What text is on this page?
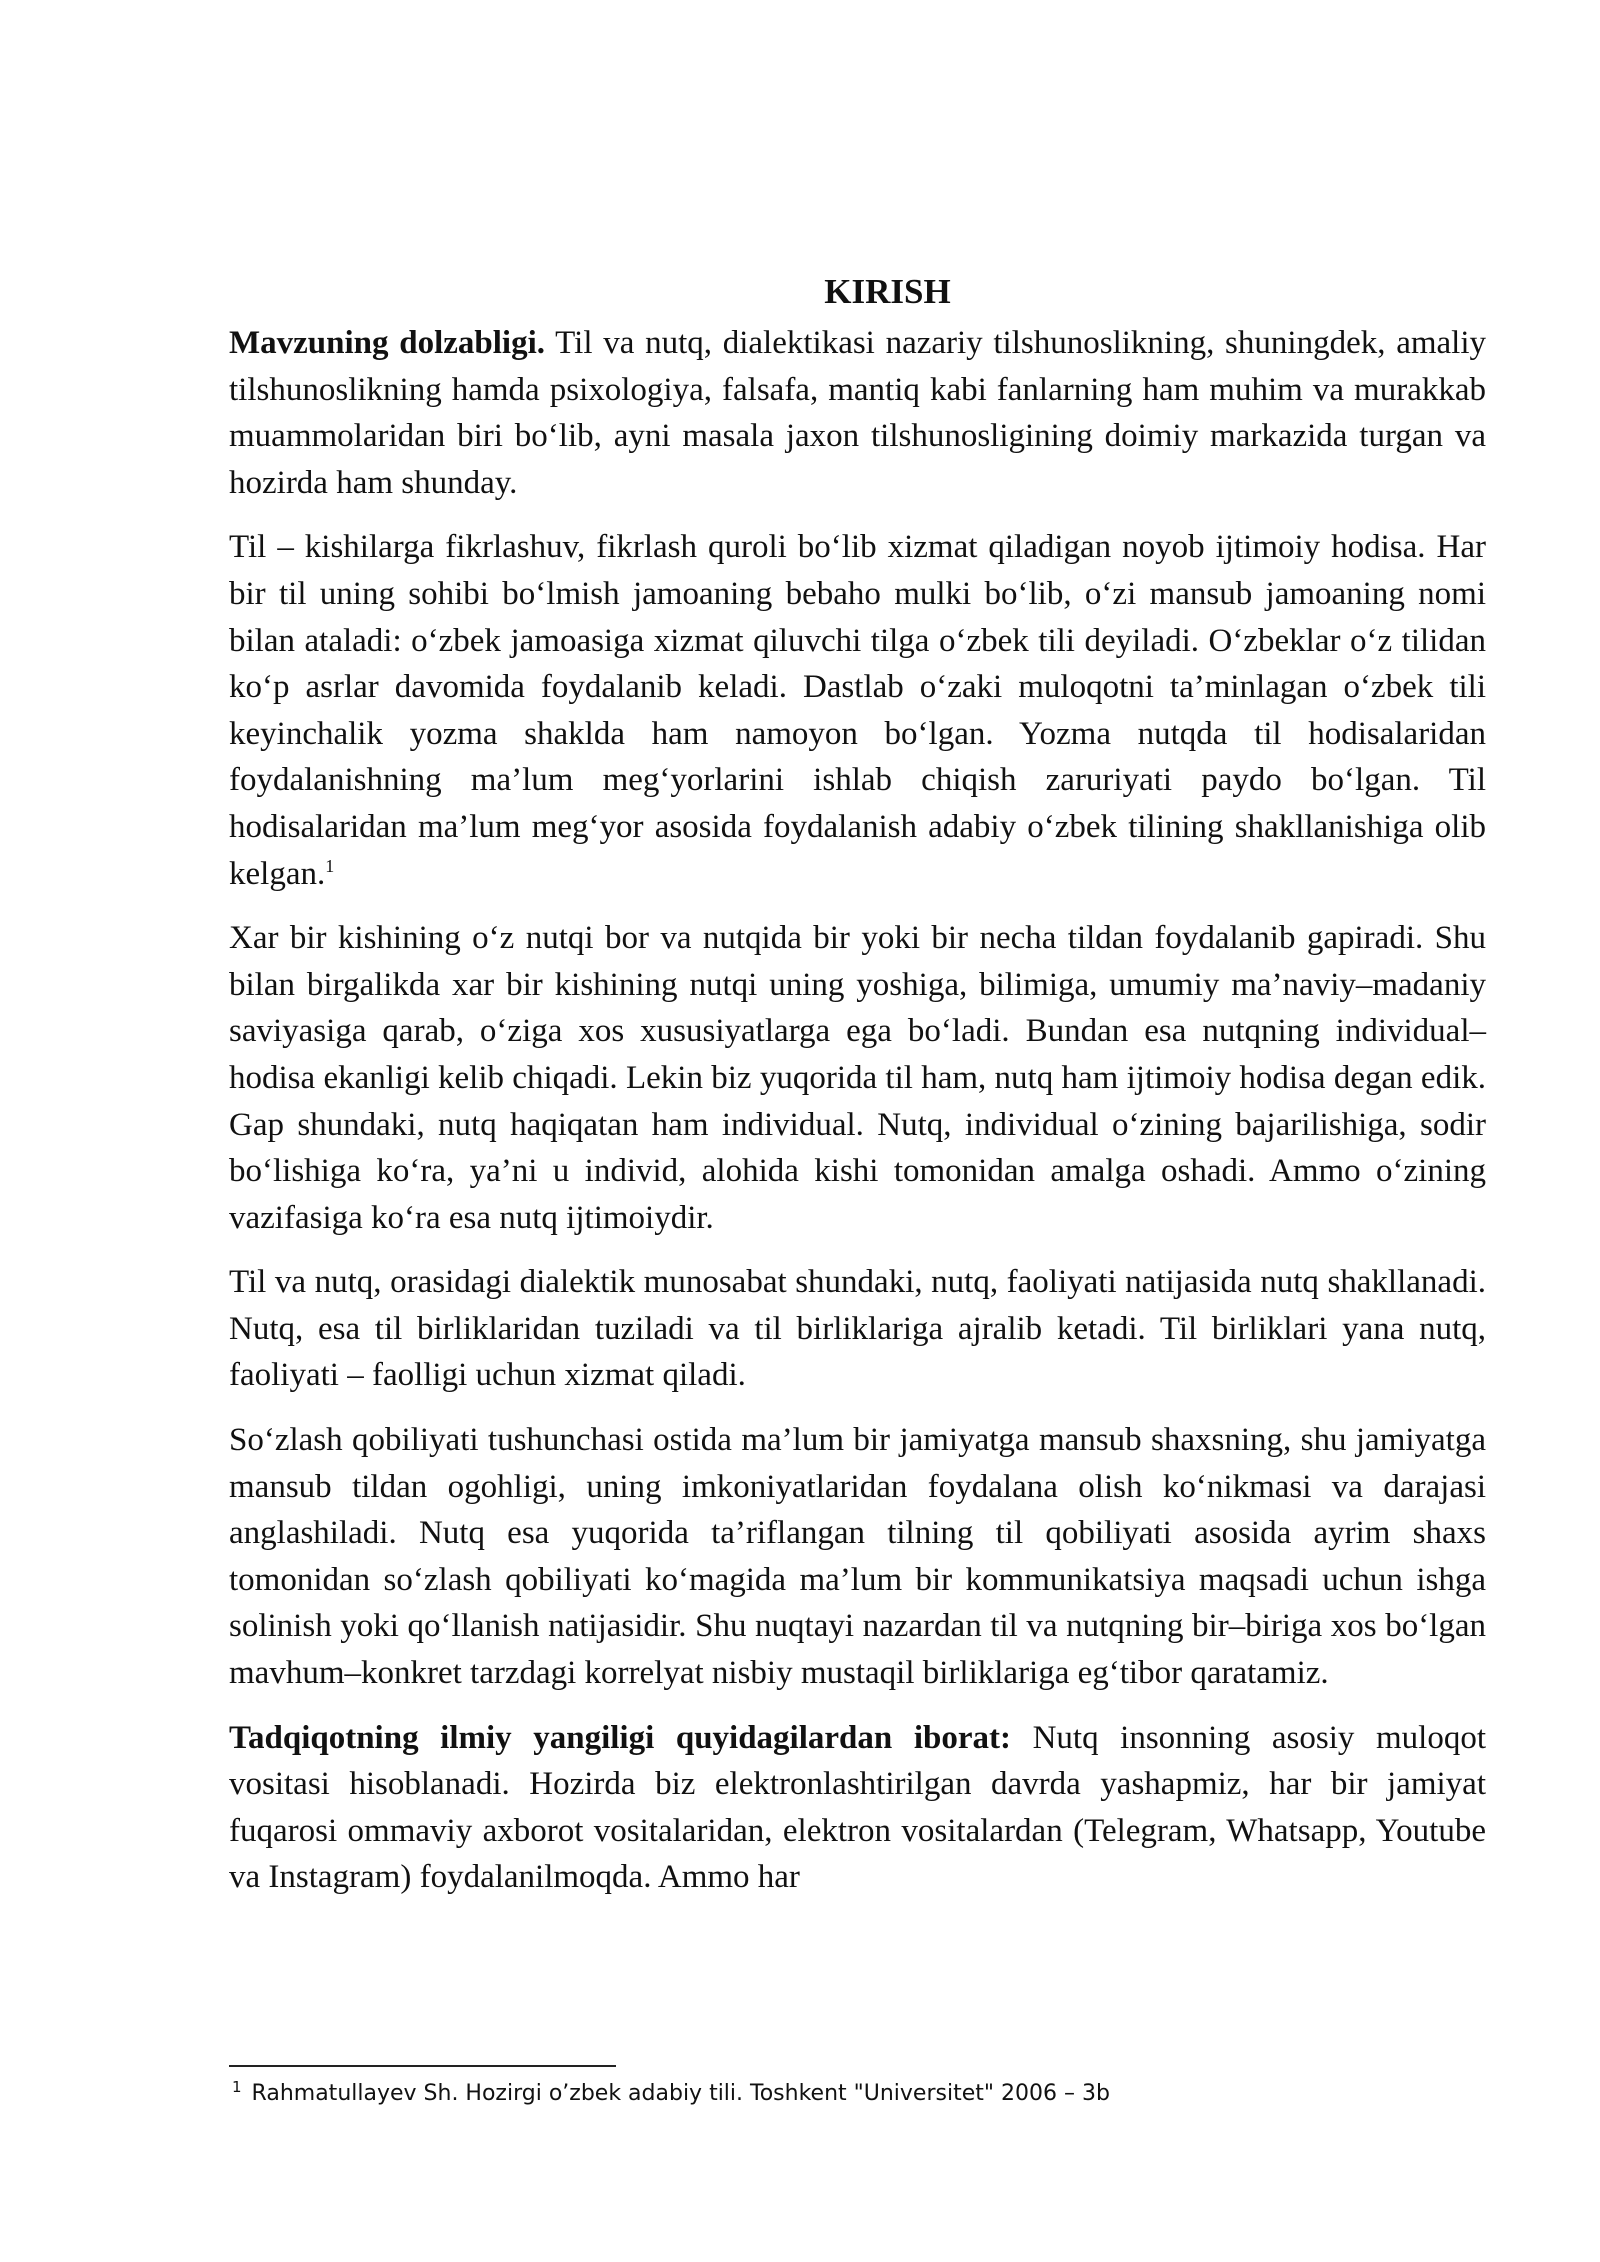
KIRISH

Mavzuning dolzabligi. Til va nutq, dialektikasi nazariy tilshunoslikning, shuningdek, amaliy tilshunoslikning hamda psixologiya, falsafa, mantiq kabi fanlarning ham muhim va murakkab muammolaridan biri bo‘lib, ayni masala jaxon tilshunosligining doimiy markazida turgan va hozirda ham shunday.

Til – kishilarga fikrlashuv, fikrlash quroli bo‘lib xizmat qiladigan noyob ijtimoiy hodisa. Har bir til uning sohibi bo‘lmish jamoaning bebaho mulki bo‘lib, o‘zi mansub jamoaning nomi bilan ataladi: o‘zbek jamoasiga xizmat qiluvchi tilga o‘zbek tili deyiladi. O‘zbeklar o‘z tilidan ko‘p asrlar davomida foydalanib keladi. Dastlab o‘zaki muloqotni ta’minlagan o‘zbek tili keyinchalik yozma shaklda ham namoyon bo‘lgan. Yozma nutqda til hodisalaridan foydalanishning ma’lum meg‘yorlarini ishlab chiqish zaruriyati paydo bo‘lgan. Til hodisalaridan ma’lum meg‘yor asosida foydalanish adabiy o‘zbek tilining shakllanishiga olib kelgan.$^1$

Xar bir kishining o‘z nutqi bor va nutqida bir yoki bir necha tildan foydalanib gapiradi. Shu bilan birgalikda xar bir kishining nutqi uning yoshiga, bilimiga, umumiy ma’naviy–madaniy saviyasiga qarab, o‘ziga xos xususiyatlarga ega bo‘ladi. Bundan esa nutqning individual–hodisa ekanligi kelib chiqadi. Lekin biz yuqorida til ham, nutq ham ijtimoiy hodisa degan edik. Gap shundaki, nutq haqiqatan ham individual. Nutq, individual o‘zining bajarilishiga, sodir bo‘lishiga ko‘ra, ya’ni u individ, alohida kishi tomonidan amalga oshadi. Ammo o‘zining vazifasiga ko‘ra esa nutq ijtimoiydir.

Til va nutq, orasidagi dialektik munosabat shundaki, nutq, faoliyati natijasida nutq shakllanadi. Nutq, esa til birliklaridan tuziladi va til birliklariga ajralib ketadi. Til birliklari yana nutq, faoliyati – faolligi uchun xizmat qiladi.

So‘zlash qobiliyati tushunchasi ostida ma’lum bir jamiyatga mansub shaxsning, shu jamiyatga mansub tildan ogohligi, uning imkoniyatlaridan foydalana olish ko‘nikmasi va darajasi anglashiladi. Nutq esa yuqorida ta’riflangan tilning til qobiliyati asosida ayrim shaxs tomonidan so‘zlash qobiliyati ko‘magida ma’lum bir kommunikatsiya maqsadi uchun ishga solinish yoki qo‘llanish natijasidir. Shu nuqtayi nazardan til va nutqning bir–biriga xos bo‘lgan mavhum–konkret tarzdagi korrelyat nisbiy mustaqil birliklariga eg‘tibor qaratamiz.

Tadqiqotning ilmiy yangiligi quyidagilardan iborat: Nutq insonning asosiy muloqot vositasi hisoblanadi. Hozirda biz elektronlashtirilgan davrda yashapmiz, har bir jamiyat fuqarosi ommaviy axborot vositalaridan, elektron vositalardan (Telegram, Whatsapp, Youtube va Instagram) foydalanilmoqda. Ammo har

$^1$ Rahmatullayev Sh. Hozirgi o’zbek adabiy tili. Toshkent "Universitet" 2006 – 3b
